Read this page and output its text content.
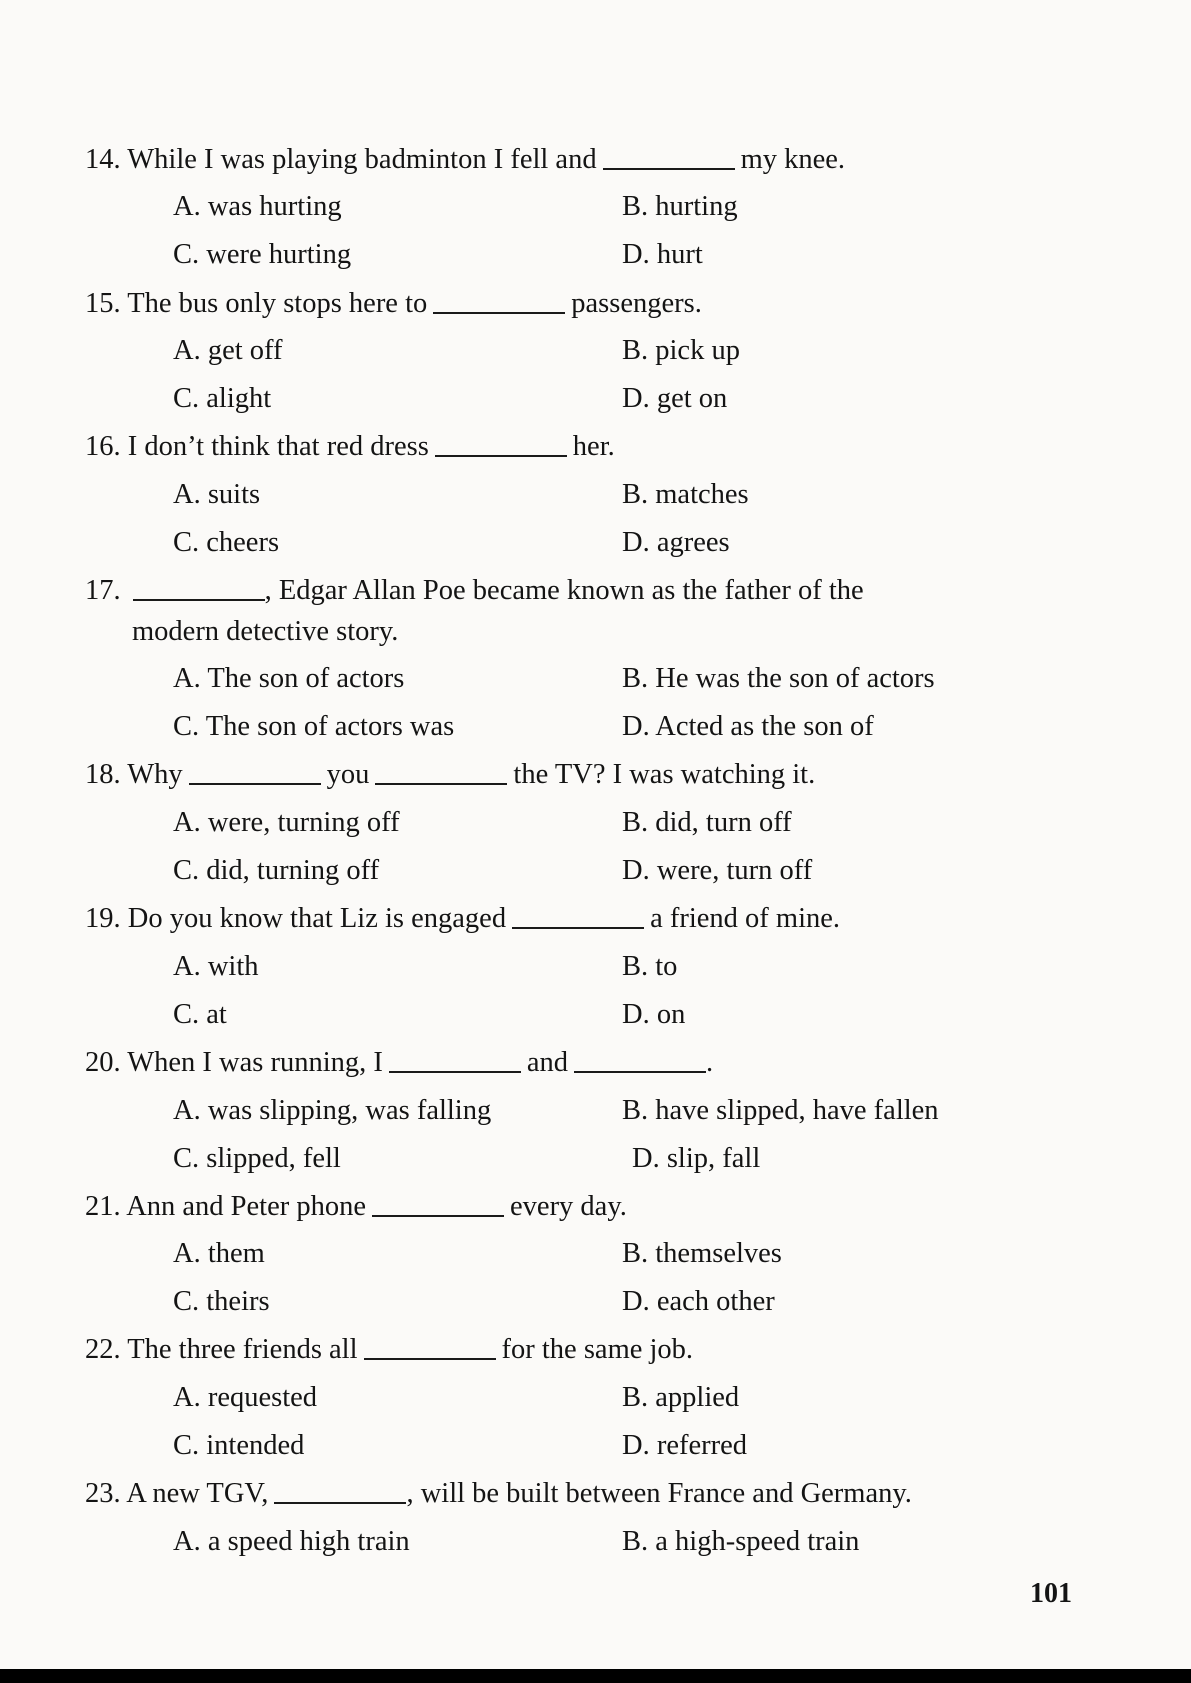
14. While I was playing badminton I fell and	my knee.
A. was hurting	B. hurting
C. were hurting	D. hurt
15. The bus only stops here to	passengers.
A. get off	B. pick up
C. alight	D. get on
16. I don’t think that red dress	her.
A. suits	B. matches
C. cheers	D. agrees
17.	, Edgar Allan Poe became known as the father of the
modern detective story.
A. The son of actors	B. He was the son of actors
C. The son of actors was	D. Acted as the son of
18. Why	you	the TV? I was watching it.
A. were, turning off	B. did, turn off
C. did, turning off	D. were, turn off
19. Do you know that Liz is engaged	a friend of mine.
A. with	B. to
C. at	D. on
20. When I was running, I	and	.
A. was slipping, was falling	B. have slipped, have fallen
C. slipped, fell	D. slip, fall
21. Ann and Peter phone	every day.
A. them	B. themselves
C. theirs	D. each other
22. The three friends all	for the same job.
A. requested	B. applied
C. intended	D. referred
23. A new TGV,	, will be built between France and Germany.
A. a speed high train	B. a high-speed train
101
